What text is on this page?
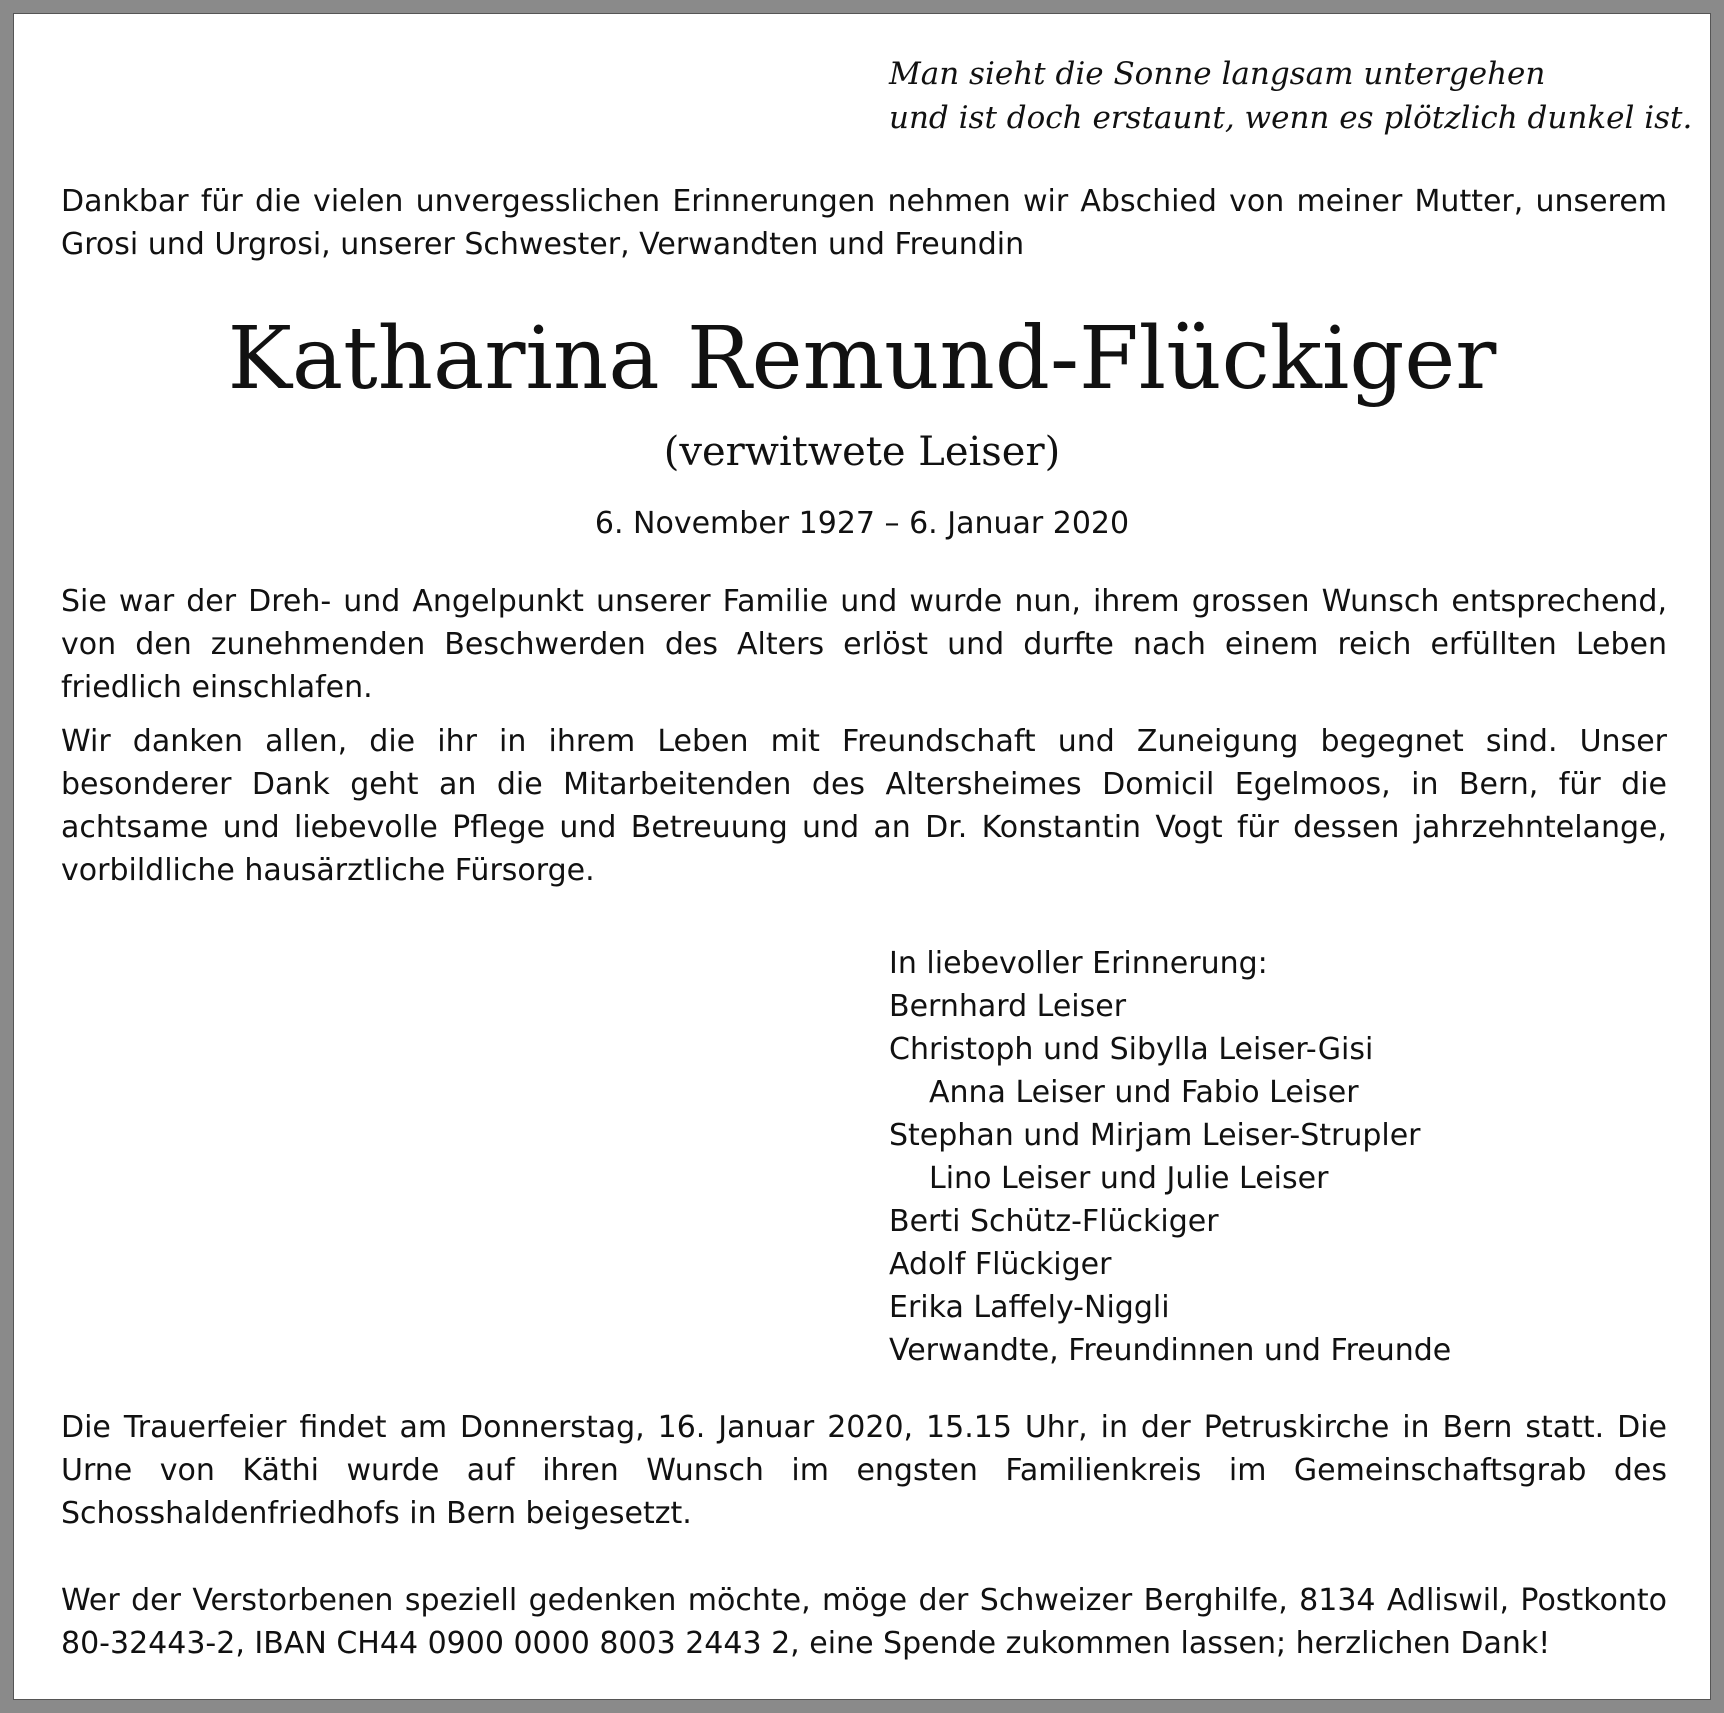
Man sieht die Sonne langsam untergehen
und ist doch erstaunt, wenn es plötzlich dunkel ist.

Dankbar für die vielen unvergesslichen Erinnerungen nehmen wir Abschied von meiner Mutter, unserem Grosi und Urgrosi, unserer Schwester, Verwandten und Freundin

Katharina Remund-Flückiger
(verwitwete Leiser)
6. November 1927 – 6. Januar 2020

Sie war der Dreh- und Angelpunkt unserer Familie und wurde nun, ihrem grossen Wunsch entsprechend, von den zunehmenden Beschwerden des Alters erlöst und durfte nach einem reich erfüllten Leben friedlich einschlafen.

Wir danken allen, die ihr in ihrem Leben mit Freundschaft und Zuneigung begegnet sind. Unser besonderer Dank geht an die Mitarbeitenden des Altersheimes Domicil Egelmoos, in Bern, für die achtsame und liebevolle Pflege und Betreuung und an Dr. Konstantin Vogt für dessen jahrzehntelange, vorbildliche hausärztliche Fürsorge.

In liebevoller Erinnerung:
Bernhard Leiser
Christoph und Sibylla Leiser-Gisi
Anna Leiser und Fabio Leiser
Stephan und Mirjam Leiser-Strupler
Lino Leiser und Julie Leiser
Berti Schütz-Flückiger
Adolf Flückiger
Erika Laffely-Niggli
Verwandte, Freundinnen und Freunde

Die Trauerfeier findet am Donnerstag, 16. Januar 2020, 15.15 Uhr, in der Petruskirche in Bern statt. Die Urne von Käthi wurde auf ihren Wunsch im engsten Familienkreis im Gemeinschaftsgrab des Schosshaldenfriedhofs in Bern beigesetzt.

Wer der Verstorbenen speziell gedenken möchte, möge der Schweizer Berghilfe, 8134 Adliswil, Postkonto 80-32443-2, IBAN CH44 0900 0000 8003 2443 2, eine Spende zukommen lassen; herzlichen Dank!
